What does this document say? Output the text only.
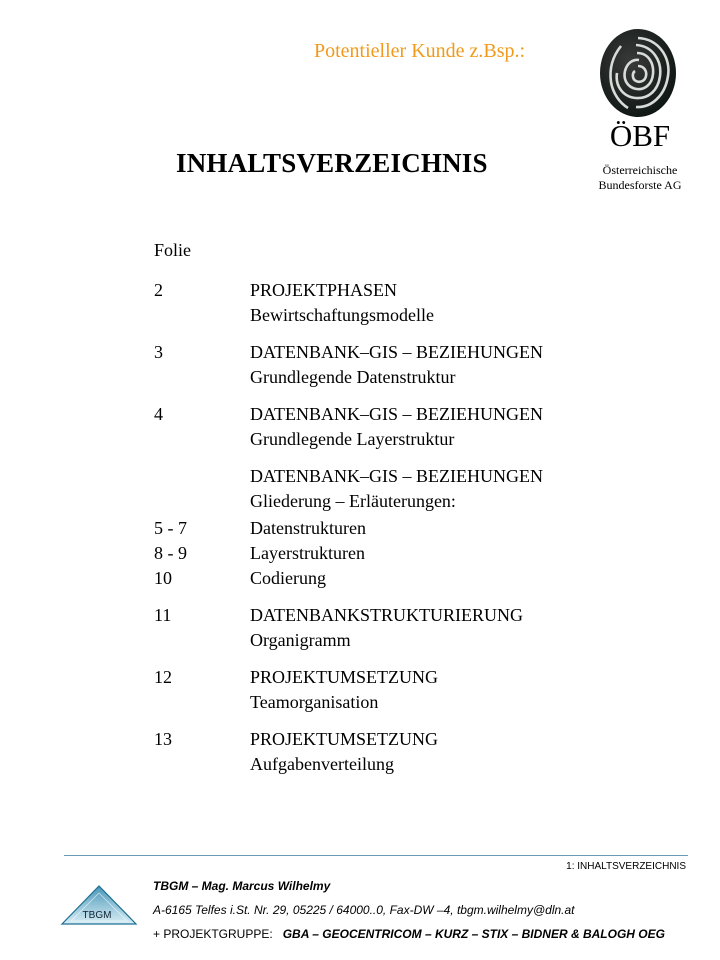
Potentieller Kunde z.Bsp.:
ÖBF
Österreichische
Bundesforste AG
INHALTSVERZEICHNIS
Folie
2	PROJEKTPHASEN
Bewirtschaftungsmodelle
3	DATENBANK–GIS – BEZIEHUNGEN
Grundlegende Datenstruktur
4	DATENBANK–GIS – BEZIEHUNGEN
Grundlegende Layerstruktur
DATENBANK–GIS – BEZIEHUNGEN
Gliederung – Erläuterungen:
5 - 7	Datenstrukturen
8 - 9	Layerstrukturen
10	Codierung
11	DATENBANKSTRUKTURIERUNG
Organigramm
12	PROJEKTUMSETZUNG
Teamorganisation
13	PROJEKTUMSETZUNG
Aufgabenverteilung
1: INHALTSVERZEICHNIS
TBGM
TBGM – Mag. Marcus Wilhelmy
A-6165 Telfes i.St. Nr. 29, 05225 / 64000..0, Fax-DW –4, tbgm.wilhelmy@dln.at
+ PROJEKTGRUPPE: GBA – GEOCENTRICOM – KURZ – STIX – BIDNER & BALOGH OEG
